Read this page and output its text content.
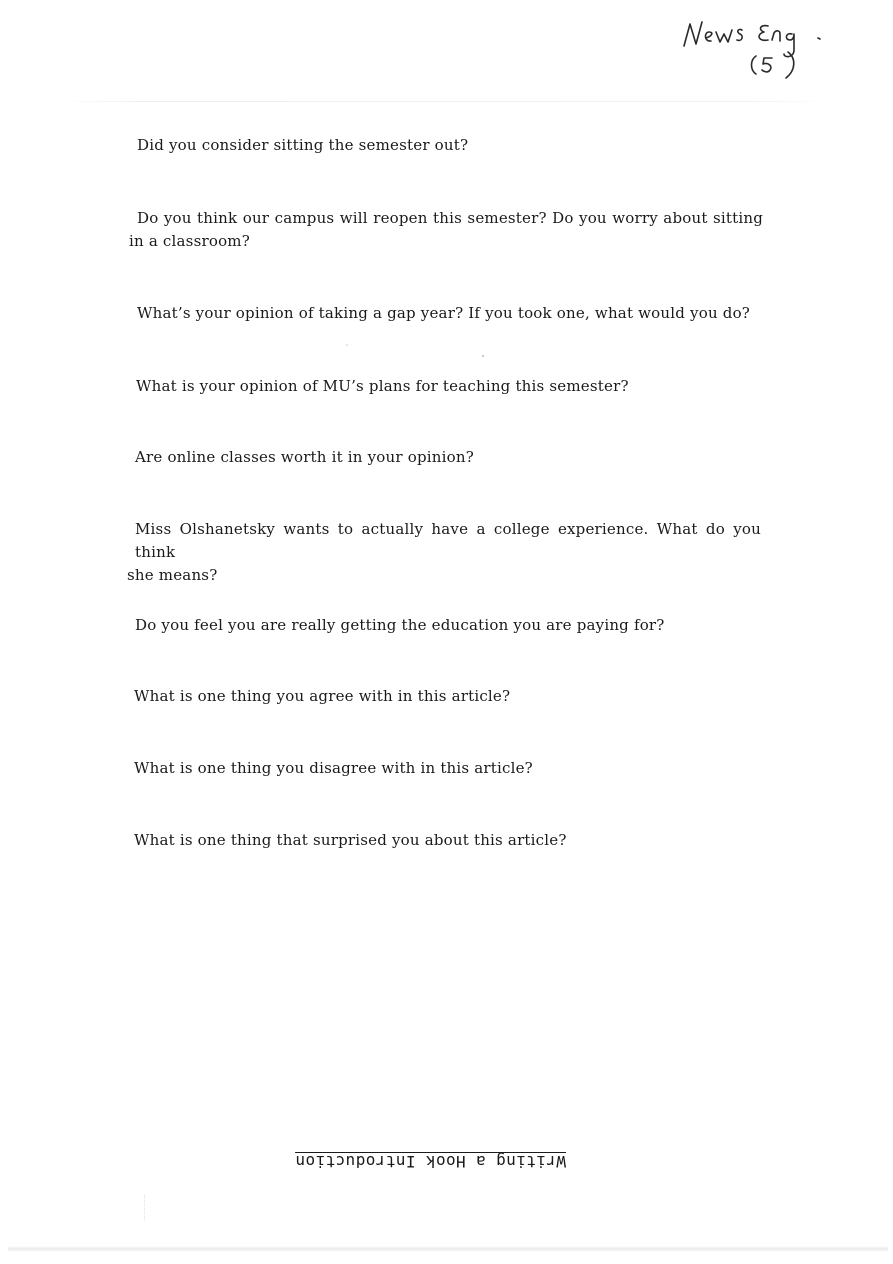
News Eng.
Did you consider sitting the semester out?
Do you think our campus will reopen this semester? Do you worry about sitting
in a classroom?
What’s your opinion of taking a gap year? If you took one, what would you do?
What is your opinion of MU’s plans for teaching this semester?
Are online classes worth it in your opinion?
Miss Olshanetsky wants to actually have a college experience. What do you think
she means?
Do you feel you are really getting the education you are paying for?
What is one thing you agree with in this article?
What is one thing you disagree with in this article?
What is one thing that surprised you about this article?
Writing a Hook Introduction
